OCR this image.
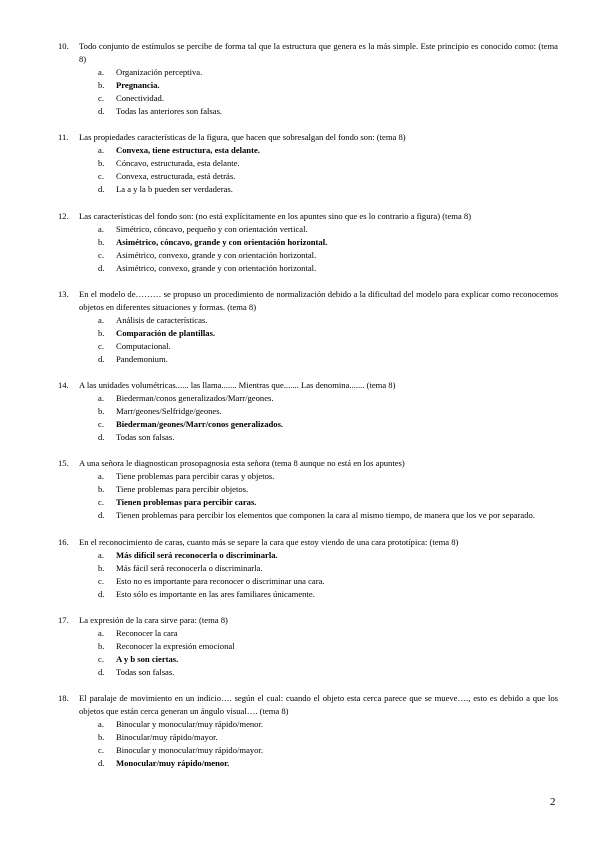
10.	Todo conjunto de estímulos se percibe de forma tal que la estructura que genera es la más simple. Este principio es conocido como: (tema 8)
a. Organización perceptiva.
b. Pregnancia.
c. Conectividad.
d. Todas las anteriores son falsas.
11.	Las propiedades características de la figura, que hacen que sobresalgan del fondo son: (tema 8)
a. Convexa, tiene estructura, esta delante.
b. Cóncavo, estructurada, esta delante.
c. Convexa, estructurada, está detrás.
d. La a y la b pueden ser verdaderas.
12.	Las características del fondo son: (no está explícitamente en los apuntes sino que es lo contrario a figura) (tema 8)
a. Simétrico, cóncavo, pequeño y con orientación vertical.
b. Asimétrico, cóncavo, grande y con orientación horizontal.
c. Asimétrico, convexo, grande y con orientación horizontal.
d. Asimétrico, convexo, grande y con orientación horizontal.
13.	En el modelo de……… se propuso un procedimiento de normalización debido a la dificultad del modelo para explicar como reconocemos objetos en diferentes situaciones y formas. (tema 8)
a. Análisis de características.
b. Comparación de plantillas.
c. Computacional.
d. Pandemonium.
14.	A las unidades volumétricas...... las llama....... Mientras que....... Las denomina....... (tema 8)
a. Biederman/conos generalizados/Marr/geones.
b. Marr/geones/Selfridge/geones.
c. Biederman/geones/Marr/conos generalizados.
d. Todas son falsas.
15.	A una señora le diagnostican prosopagnosia esta señora (tema 8 aunque no está en los apuntes)
a. Tiene problemas para percibir caras y objetos.
b. Tiene problemas para percibir objetos.
c. Tienen problemas para percibir caras.
d. Tienen problemas para percibir los elementos que componen la cara al mismo tiempo, de manera que los ve por separado.
16.	En el reconocimiento de caras, cuanto más se separe la cara que estoy viendo de una cara prototípica: (tema 8)
a. Más difícil será reconocerla o discriminarla.
b. Más fácil será reconocerla o discriminarla.
c. Esto no es importante para reconocer o discriminar una cara.
d. Esto sólo es importante en las ares familiares únicamente.
17.	La expresión de la cara sirve para: (tema 8)
a. Reconocer la cara
b. Reconocer la expresión emocional
c. A y b son ciertas.
d. Todas son falsas.
18.	El paralaje de movimiento en un indicio…. según el cual: cuando el objeto esta cerca parece que se mueve…., esto es debido a que los objetos que están cerca generan un ángulo visual…. (tema 8)
a. Binocular y monocular/muy rápido/menor.
b. Binocular/muy rápido/mayor.
c. Binocular y monocular/muy rápido/mayor.
d. Monocular/muy rápido/menor.
2
